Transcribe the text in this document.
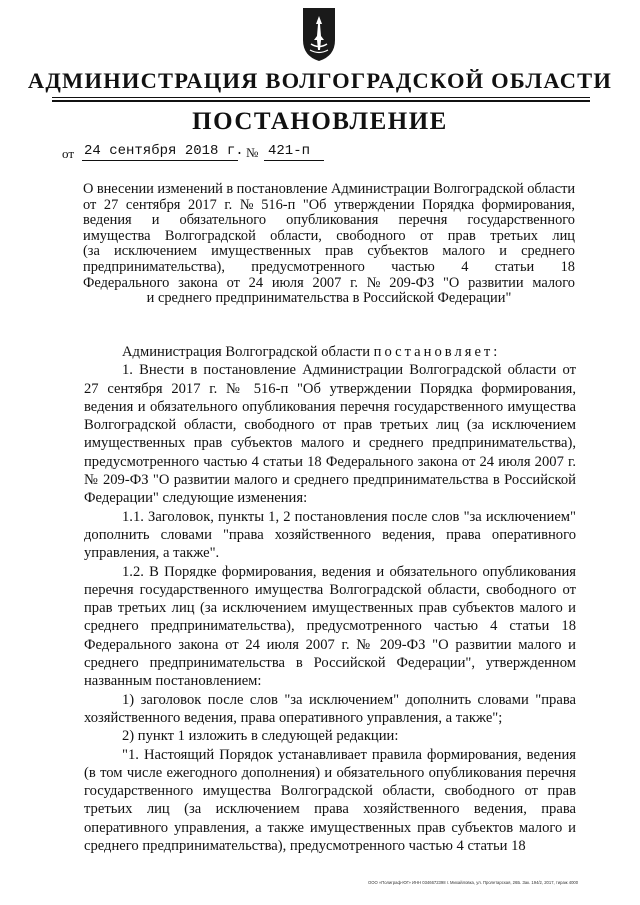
АДМИНИСТРАЦИЯ ВОЛГОГРАДСКОЙ ОБЛАСТИ
ПОСТАНОВЛЕНИЕ
от 24 сентября 2018 г. № 421-п
О внесении изменений в постановление Администрации Волгоградской области
от 27 сентября 2017 г. № 516-п "Об утверждении Порядка формирования,
ведения и обязательного опубликования перечня государственного
имущества Волгоградской области, свободного от прав третьих лиц
(за исключением имущественных прав субъектов малого и среднего
предпринимательства), предусмотренного частью 4 статьи 18
Федерального закона от 24 июля 2007 г. № 209-ФЗ "О развитии малого
и среднего предпринимательства в Российской Федерации"

Администрация Волгоградской области постановляет:

1. Внести в постановление Администрации Волгоградской области от 27 сентября 2017 г. № 516-п "Об утверждении Порядка формирования, ведения и обязательного опубликования перечня государственного имущества Волгоградской области, свободного от прав третьих лиц (за исключением имущественных прав субъектов малого и среднего предпринимательства), предусмотренного частью 4 статьи 18 Федерального закона от 24 июля 2007 г. № 209-ФЗ "О развитии малого и среднего предпринимательства в Российской Федерации" следующие изменения:

1.1. Заголовок, пункты 1, 2 постановления после слов "за исключением" дополнить словами "права хозяйственного ведения, права оперативного управления, а также".

1.2. В Порядке формирования, ведения и обязательного опубликования перечня государственного имущества Волгоградской области, свободного от прав третьих лиц (за исключением имущественных прав субъектов малого и среднего предпринимательства), предусмотренного частью 4 статьи 18 Федерального закона от 24 июля 2007 г. № 209-ФЗ "О развитии малого и среднего предпринимательства в Российской Федерации", утвержденном названным постановлением:

1) заголовок после слов "за исключением" дополнить словами "права хозяйственного ведения, права оперативного управления, а также";

2) пункт 1 изложить в следующей редакции:

"1. Настоящий Порядок устанавливает правила формирования, ведения (в том числе ежегодного дополнения) и обязательного опубликования перечня государственного имущества Волгоградской области, свободного от прав третьих лиц (за исключением права хозяйственного ведения, права оперативного управления, а также имущественных прав субъектов малого и среднего предпринимательства), предусмотренного частью 4 статьи 18

ООО «Полиграф-ЮГ» ИНН 0346672398 г. Михайловка, ул. Пролетарская, 26Б. Зак. 194/2, 2017, тираж 4000
